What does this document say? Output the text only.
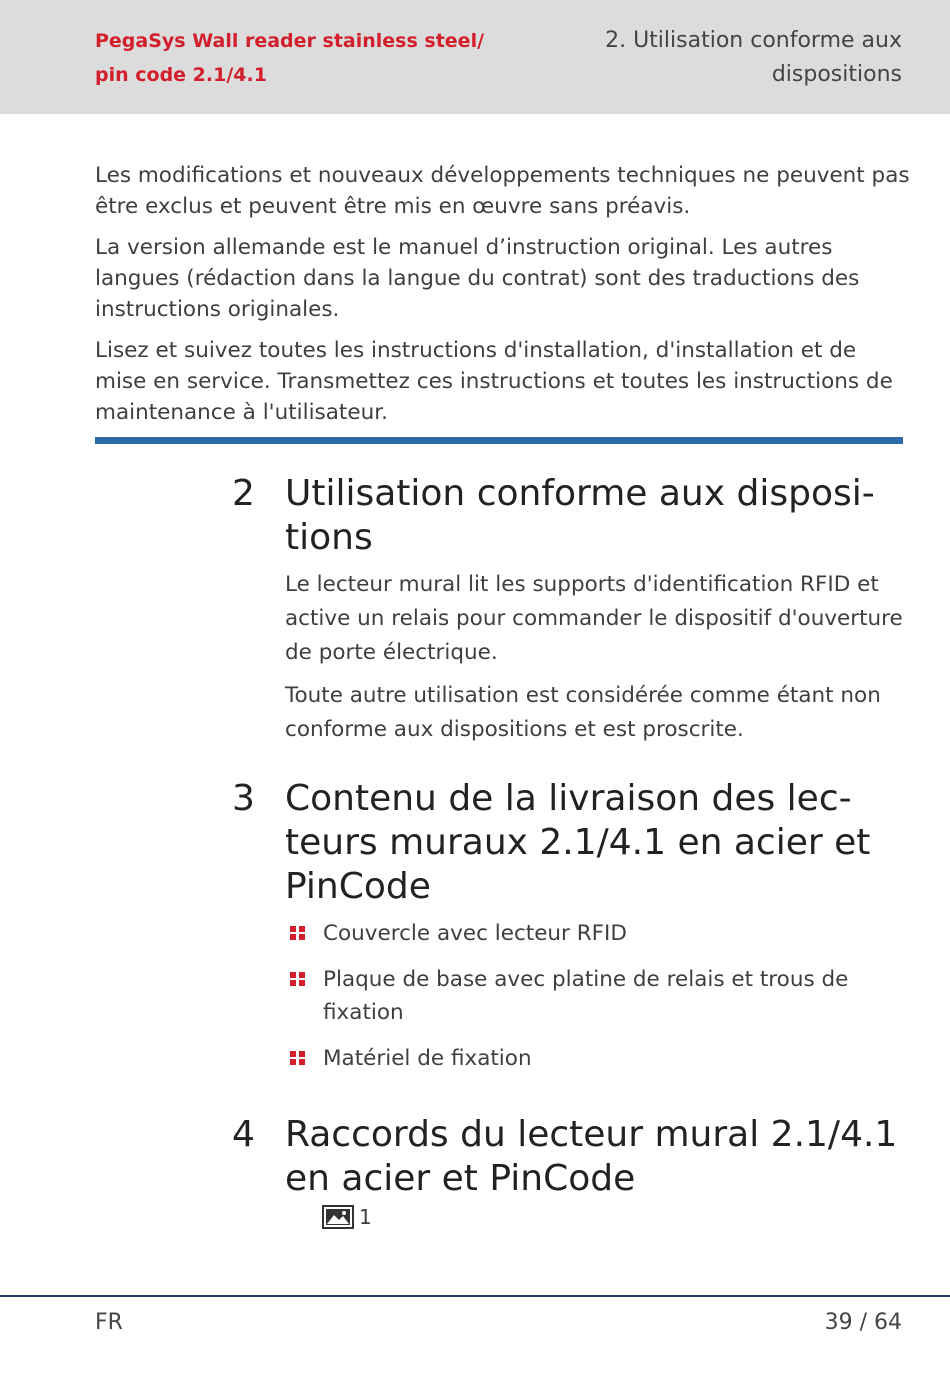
PegaSys Wall reader stainless steel/
pin code 2.1/4.1
2. Utilisation conforme aux
dispositions

Les modifications et nouveaux développements techniques ne peuvent pas être exclus et peuvent être mis en œuvre sans préavis.

La version allemande est le manuel d’instruction original. Les autres langues (rédaction dans la langue du contrat) sont des traductions des instructions originales.

Lisez et suivez toutes les instructions d'installation, d'installation et de mise en service. Transmettez ces instructions et toutes les instructions de maintenance à l'utilisateur.

2 Utilisation conforme aux disposi-
tions

Le lecteur mural lit les supports d'identification RFID et active un relais pour commander le dispositif d'ouverture de porte électrique.

Toute autre utilisation est considérée comme étant non conforme aux dispositions et est proscrite.

3 Contenu de la livraison des lec-
teurs muraux 2.1/4.1 en acier et
PinCode
Couvercle avec lecteur RFID
Plaque de base avec platine de relais et trous de fixation
Matériel de fixation
4 Raccords du lecteur mural 2.1/4.1
en acier et PinCode
1
FR	39 / 64
